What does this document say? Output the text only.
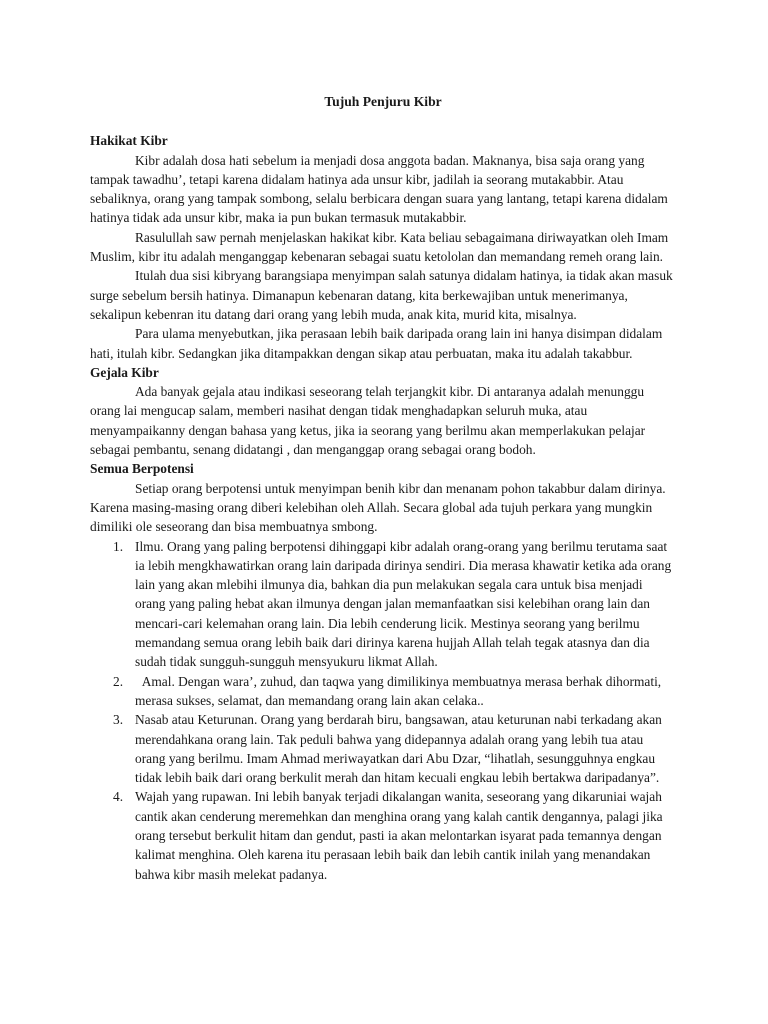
Tujuh Penjuru Kibr
Hakikat Kibr

Kibr adalah dosa hati sebelum ia menjadi dosa anggota badan. Maknanya, bisa saja orang yang tampak tawadhu’, tetapi karena didalam hatinya ada unsur kibr, jadilah ia seorang mutakabbir. Atau sebaliknya, orang yang tampak sombong, selalu berbicara dengan suara yang lantang, tetapi karena didalam hatinya tidak ada unsur kibr, maka ia pun bukan termasuk mutakabbir.

Rasulullah saw pernah menjelaskan hakikat kibr. Kata beliau sebagaimana diriwayatkan oleh Imam Muslim, kibr itu adalah menganggap kebenaran sebagai suatu ketololan dan memandang remeh orang lain.

Itulah dua sisi kibryang barangsiapa menyimpan salah satunya didalam hatinya, ia tidak akan masuk surge sebelum bersih hatinya. Dimanapun kebenaran datang, kita berkewajiban untuk menerimanya, sekalipun kebenran itu datang dari orang yang lebih muda, anak kita, murid kita, misalnya.

Para ulama menyebutkan, jika perasaan lebih baik daripada orang lain ini hanya disimpan didalam hati, itulah kibr. Sedangkan jika ditampakkan dengan sikap atau perbuatan, maka itu adalah takabbur.

Gejala Kibr

Ada banyak gejala atau indikasi seseorang telah terjangkit kibr. Di antaranya adalah menunggu orang lai mengucap salam, memberi nasihat dengan tidak menghadapkan seluruh muka, atau menyampaikanny dengan bahasa yang ketus, jika ia seorang yang berilmu akan memperlakukan pelajar sebagai pembantu, senang didatangi , dan menganggap orang sebagai orang bodoh.

Semua Berpotensi

Setiap orang berpotensi untuk menyimpan benih kibr dan menanam pohon takabbur dalam dirinya. Karena masing-masing orang diberi kelebihan oleh Allah. Secara global ada tujuh perkara yang mungkin dimiliki ole seseorang dan bisa membuatnya smbong.

1. Ilmu. Orang yang paling berpotensi dihinggapi kibr adalah orang-orang yang berilmu terutama saat ia lebih mengkhawatirkan orang lain daripada dirinya sendiri. Dia merasa khawatir ketika ada orang lain yang akan mlebihi ilmunya dia, bahkan dia pun melakukan segala cara untuk bisa menjadi orang yang paling hebat akan ilmunya dengan jalan memanfaatkan sisi kelebihan orang lain dan mencari-cari kelemahan orang lain. Dia lebih cenderung licik. Mestinya seorang yang berilmu memandang semua orang lebih baik dari dirinya karena hujjah Allah telah tegak atasnya dan dia sudah tidak sungguh-sungguh mensyukuru likmat Allah.
2. Amal. Dengan wara’, zuhud, dan taqwa yang dimilikinya membuatnya merasa berhak dihormati, merasa sukses, selamat, dan memandang orang lain akan celaka..
3. Nasab atau Keturunan. Orang yang berdarah biru, bangsawan, atau keturunan nabi terkadang akan merendahkana orang lain. Tak peduli bahwa yang didepannya adalah orang yang lebih tua atau orang yang berilmu. Imam Ahmad meriwayatkan dari Abu Dzar, “lihatlah, sesungguhnya engkau tidak lebih baik dari orang berkulit merah dan hitam kecuali engkau lebih bertakwa daripadanya”.
4. Wajah yang rupawan. Ini lebih banyak terjadi dikalangan wanita, seseorang yang dikaruniai wajah cantik akan cenderung meremehkan dan menghina orang yang kalah cantik dengannya, palagi jika orang tersebut berkulit hitam dan gendut, pasti ia akan melontarkan isyarat pada temannya dengan kalimat menghina. Oleh karena itu perasaan lebih baik dan lebih cantik inilah yang menandakan bahwa kibr masih melekat padanya.
